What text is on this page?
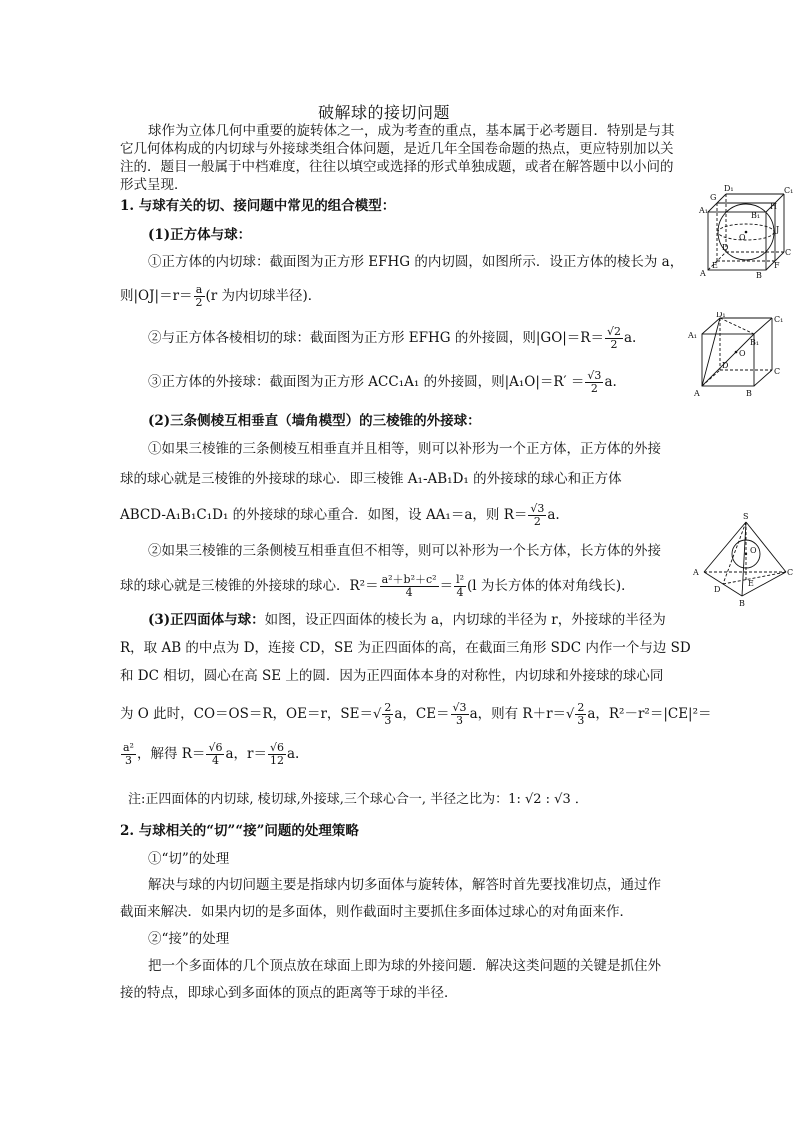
破解球的接切问题
球作为立体几何中重要的旋转体之一，成为考查的重点，基本属于必考题目．特别是与其它几何体构成的内切球与外接球类组合体问题，是近几年全国卷命题的热点，更应特别加以关注的．题目一般属于中档难度，往往以填空或选择的形式单独成题，或者在解答题中以小问的形式呈现．
1. 与球有关的切、接问题中常见的组合模型：
(1)正方体与球：
①正方体的内切球：截面图为正方形 EFHG 的内切圆，如图所示．设正方体的棱长为 a，
则$|OJ|=r= \frac{a}{2} (r$ 为内切球半径)．
②与正方体各棱相切的球：截面图为正方形 EFHG 的外接圆，则$|GO|=R= \frac{√2}{2} a$.
③正方体的外接球：截面图为正方形 ACC₁A₁ 的外接圆，则$|A_1O|=R' = \frac{√3}{2} a$.
(2)三条侧棱互相垂直（墙角模型）的三棱锥的外接球：
①如果三棱锥的三条侧棱互相垂直并且相等，则可以补形为一个正方体，正方体的外接
球的球心就是三棱锥的外接球的球心．即三棱锥 A₁-AB₁D₁ 的外接球的球心和正方体
ABCD-A₁B₁C₁D₁ 的外接球的球心重合．如图，设 AA₁＝a，则 $R= \frac{√3}{2} a$.
②如果三棱锥的三条侧棱互相垂直但不相等，则可以补形为一个长方体，长方体的外接
球的球心就是三棱锥的外接球的球心．$R^2= \frac{\text{a²＋b²＋c²}}{4} = \frac{\text{l²}}{4} (l$ 为长方体的体对角线长)．
(3)正四面体与球：如图，设正四面体的棱长为 a，内切球的半径为 r，外接球的半径为
R，取 AB 的中点为 D，连接 CD，SE 为正四面体的高，在截面三角形 SDC 内作一个与边 SD
和 DC 相切，圆心在高 SE 上的圆．因为正四面体本身的对称性，内切球和外接球的球心同
为 O 此时，CO＝OS＝R，OE＝r，$SE=√ \frac{2}{3}$ a，$CE= \frac{√3}{3}$ a，则有 $R+r=√ \frac{2}{3}$ a，R²－r²＝|CE|²＝
$\frac{\text{a²}}{3}$ ，解得 $R= \frac{√6}{4}$ a，$r= \frac{√6}{12} a$.
注:正四面体的内切球, 棱切球,外接球,三个球心合一, 半径之比为：1: √2 : √3 ．
2. 与球相关的“切”“接”问题的处理策略
①“切”的处理
解决与球的内切问题主要是指球内切多面体与旋转体，解答时首先要找准切点，通过作
截面来解决．如果内切的是多面体，则作截面时主要抓住多面体过球心的对角面来作．
②“接”的处理
把一个多面体的几个顶点放在球面上即为球的外接问题．解决这类问题的关键是抓住外
接的特点，即球心到多面体的顶点的距离等于球的半径．
G
D₁	C₁
A₁	H
B₁
O
J
D
C
A
E
B
F
D₁
C₁
A₁
B₁
O
D
C
A	B
S
O
A	C
D
E
B
